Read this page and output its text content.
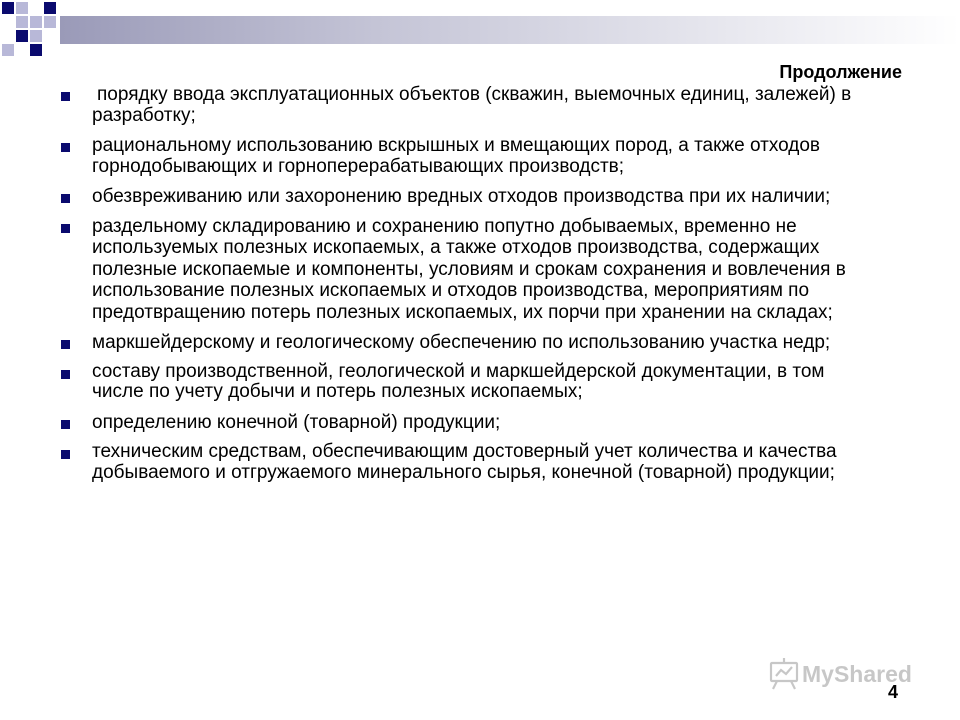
Продолжение
порядку ввода эксплуатационных объектов (скважин, выемочных единиц, залежей) в разработку;
рациональному использованию вскрышных и вмещающих пород, а также отходов горнодобывающих и горноперерабатывающих производств;
обезвреживанию или захоронению вредных отходов производства при их наличии;
раздельному складированию и сохранению попутно добываемых, временно не используемых полезных ископаемых, а также отходов производства, содержащих полезные ископаемые и компоненты, условиям и срокам сохранения и вовлечения в использование полезных ископаемых и отходов производства, мероприятиям по предотвращению потерь полезных ископаемых, их порчи при хранении на складах;
маркшейдерскому и геологическому обеспечению по использованию участка недр;
составу производственной, геологической и маркшейдерской документации, в том числе по учету добычи и потерь полезных ископаемых;
определению конечной (товарной) продукции;
техническим средствам, обеспечивающим достоверный учет количества и качества добываемого и отгружаемого минерального сырья, конечной (товарной) продукции;
MyShared
4
